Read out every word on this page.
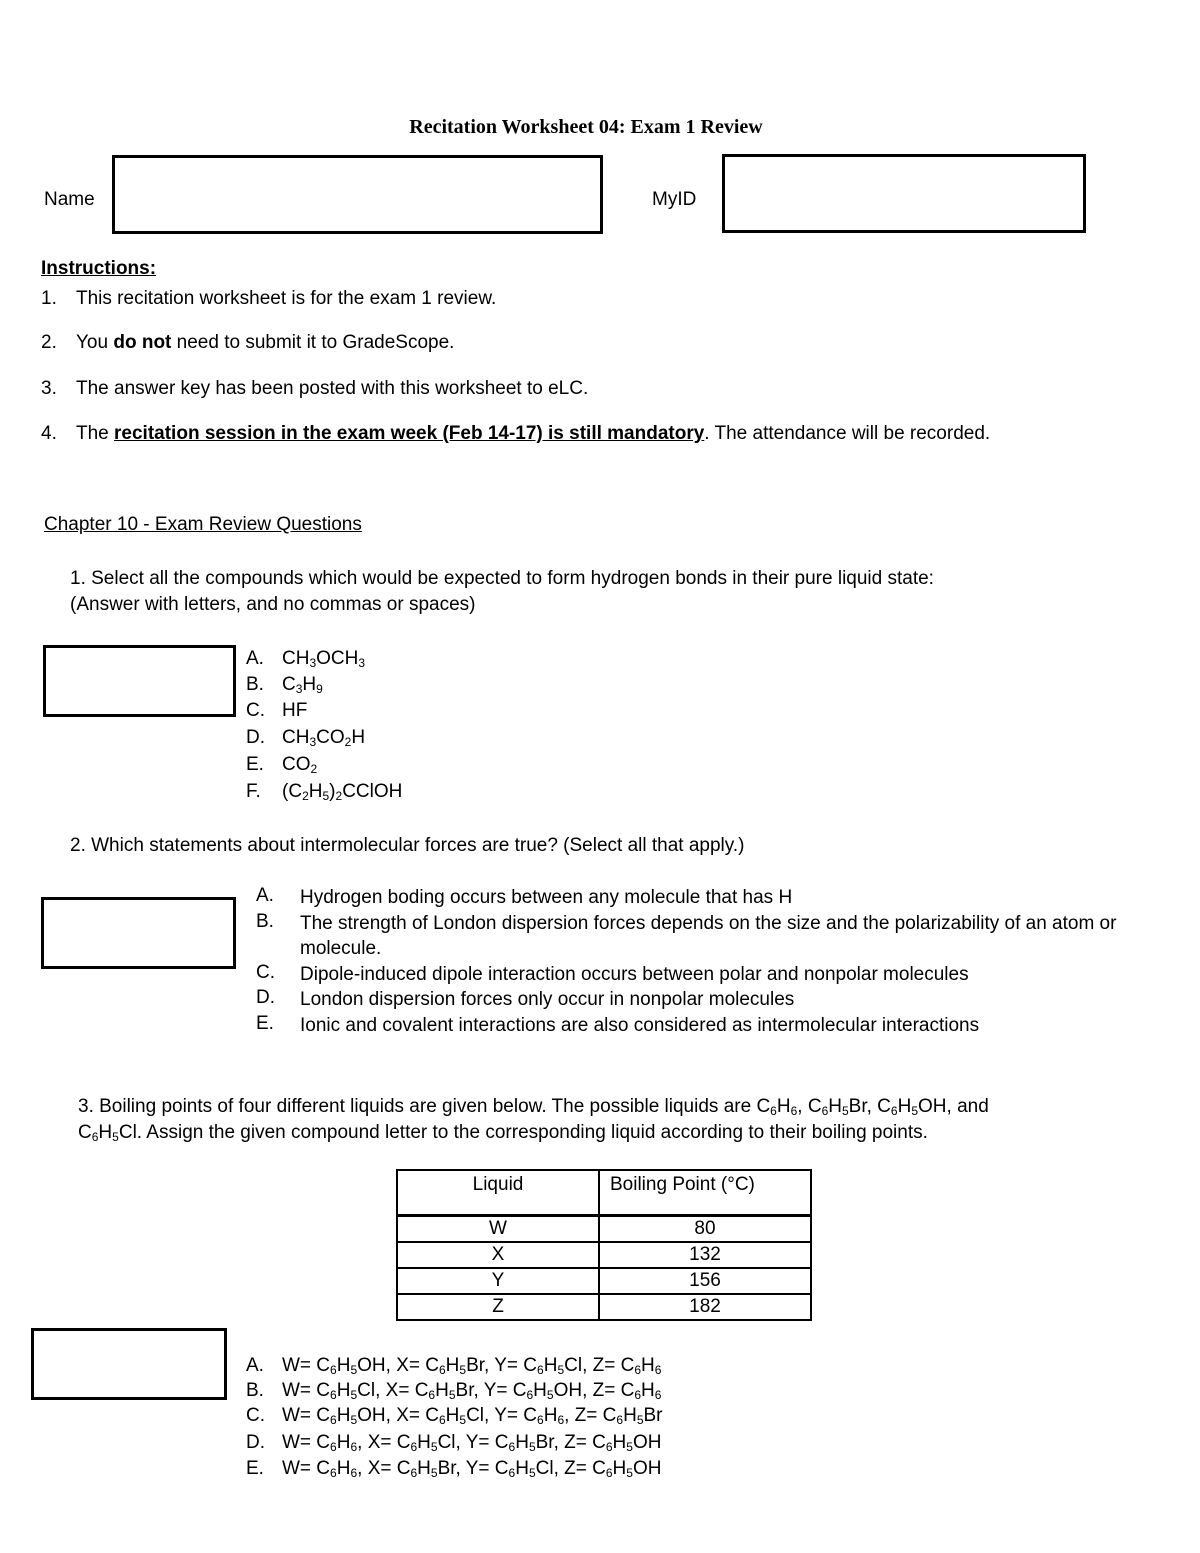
Recitation Worksheet 04: Exam 1 Review
Name	MyID
Instructions:
1. This recitation worksheet is for the exam 1 review.
2. You do not need to submit it to GradeScope.
3. The answer key has been posted with this worksheet to eLC.
4. The recitation session in the exam week (Feb 14-17) is still mandatory. The attendance will be recorded.
Chapter 10 - Exam Review Questions
1. Select all the compounds which would be expected to form hydrogen bonds in their pure liquid state:
(Answer with letters, and no commas or spaces)
A. $CH_3OCH_3$
B. $C_3H_9$
C. HF
D. $CH_3CO_2H$
E. $CO_2$
F. $(C_2H_5)_2CClOH$
2. Which statements about intermolecular forces are true? (Select all that apply.)
A. Hydrogen boding occurs between any molecule that has H
B. The strength of London dispersion forces depends on the size and the polarizability of an atom or molecule.
C. Dipole-induced dipole interaction occurs between polar and nonpolar molecules
D. London dispersion forces only occur in nonpolar molecules
E. Ionic and covalent interactions are also considered as intermolecular interactions
3. Boiling points of four different liquids are given below. The possible liquids are $C_6H_6$, $C_6H_5Br$, $C_6H_5OH$, and
$C_6H_5Cl$. Assign the given compound letter to the corresponding liquid according to their boiling points.
Liquid	Boiling Point (°C)
W	80
X	132
Y	156
Z	182
A. $W= C_6H_5OH$, $X= C_6H_5Br$, $Y= C_6H_5Cl$, $Z= C_6H_6$
B. $W= C_6H_5Cl$, $X= C_6H_5Br$, $Y= C_6H_5OH$, $Z= C_6H_6$
C. $W= C_6H_5OH$, $X= C_6H_5Cl$, $Y= C_6H_6$, $Z= C_6H_5Br$
D. $W= C_6H_6$, $X= C_6H_5Cl$, $Y= C_6H_5Br$, $Z= C_6H_5OH$
E. $W= C_6H_6$, $X= C_6H_5Br$, $Y= C_6H_5Cl$, $Z= C_6H_5OH$
